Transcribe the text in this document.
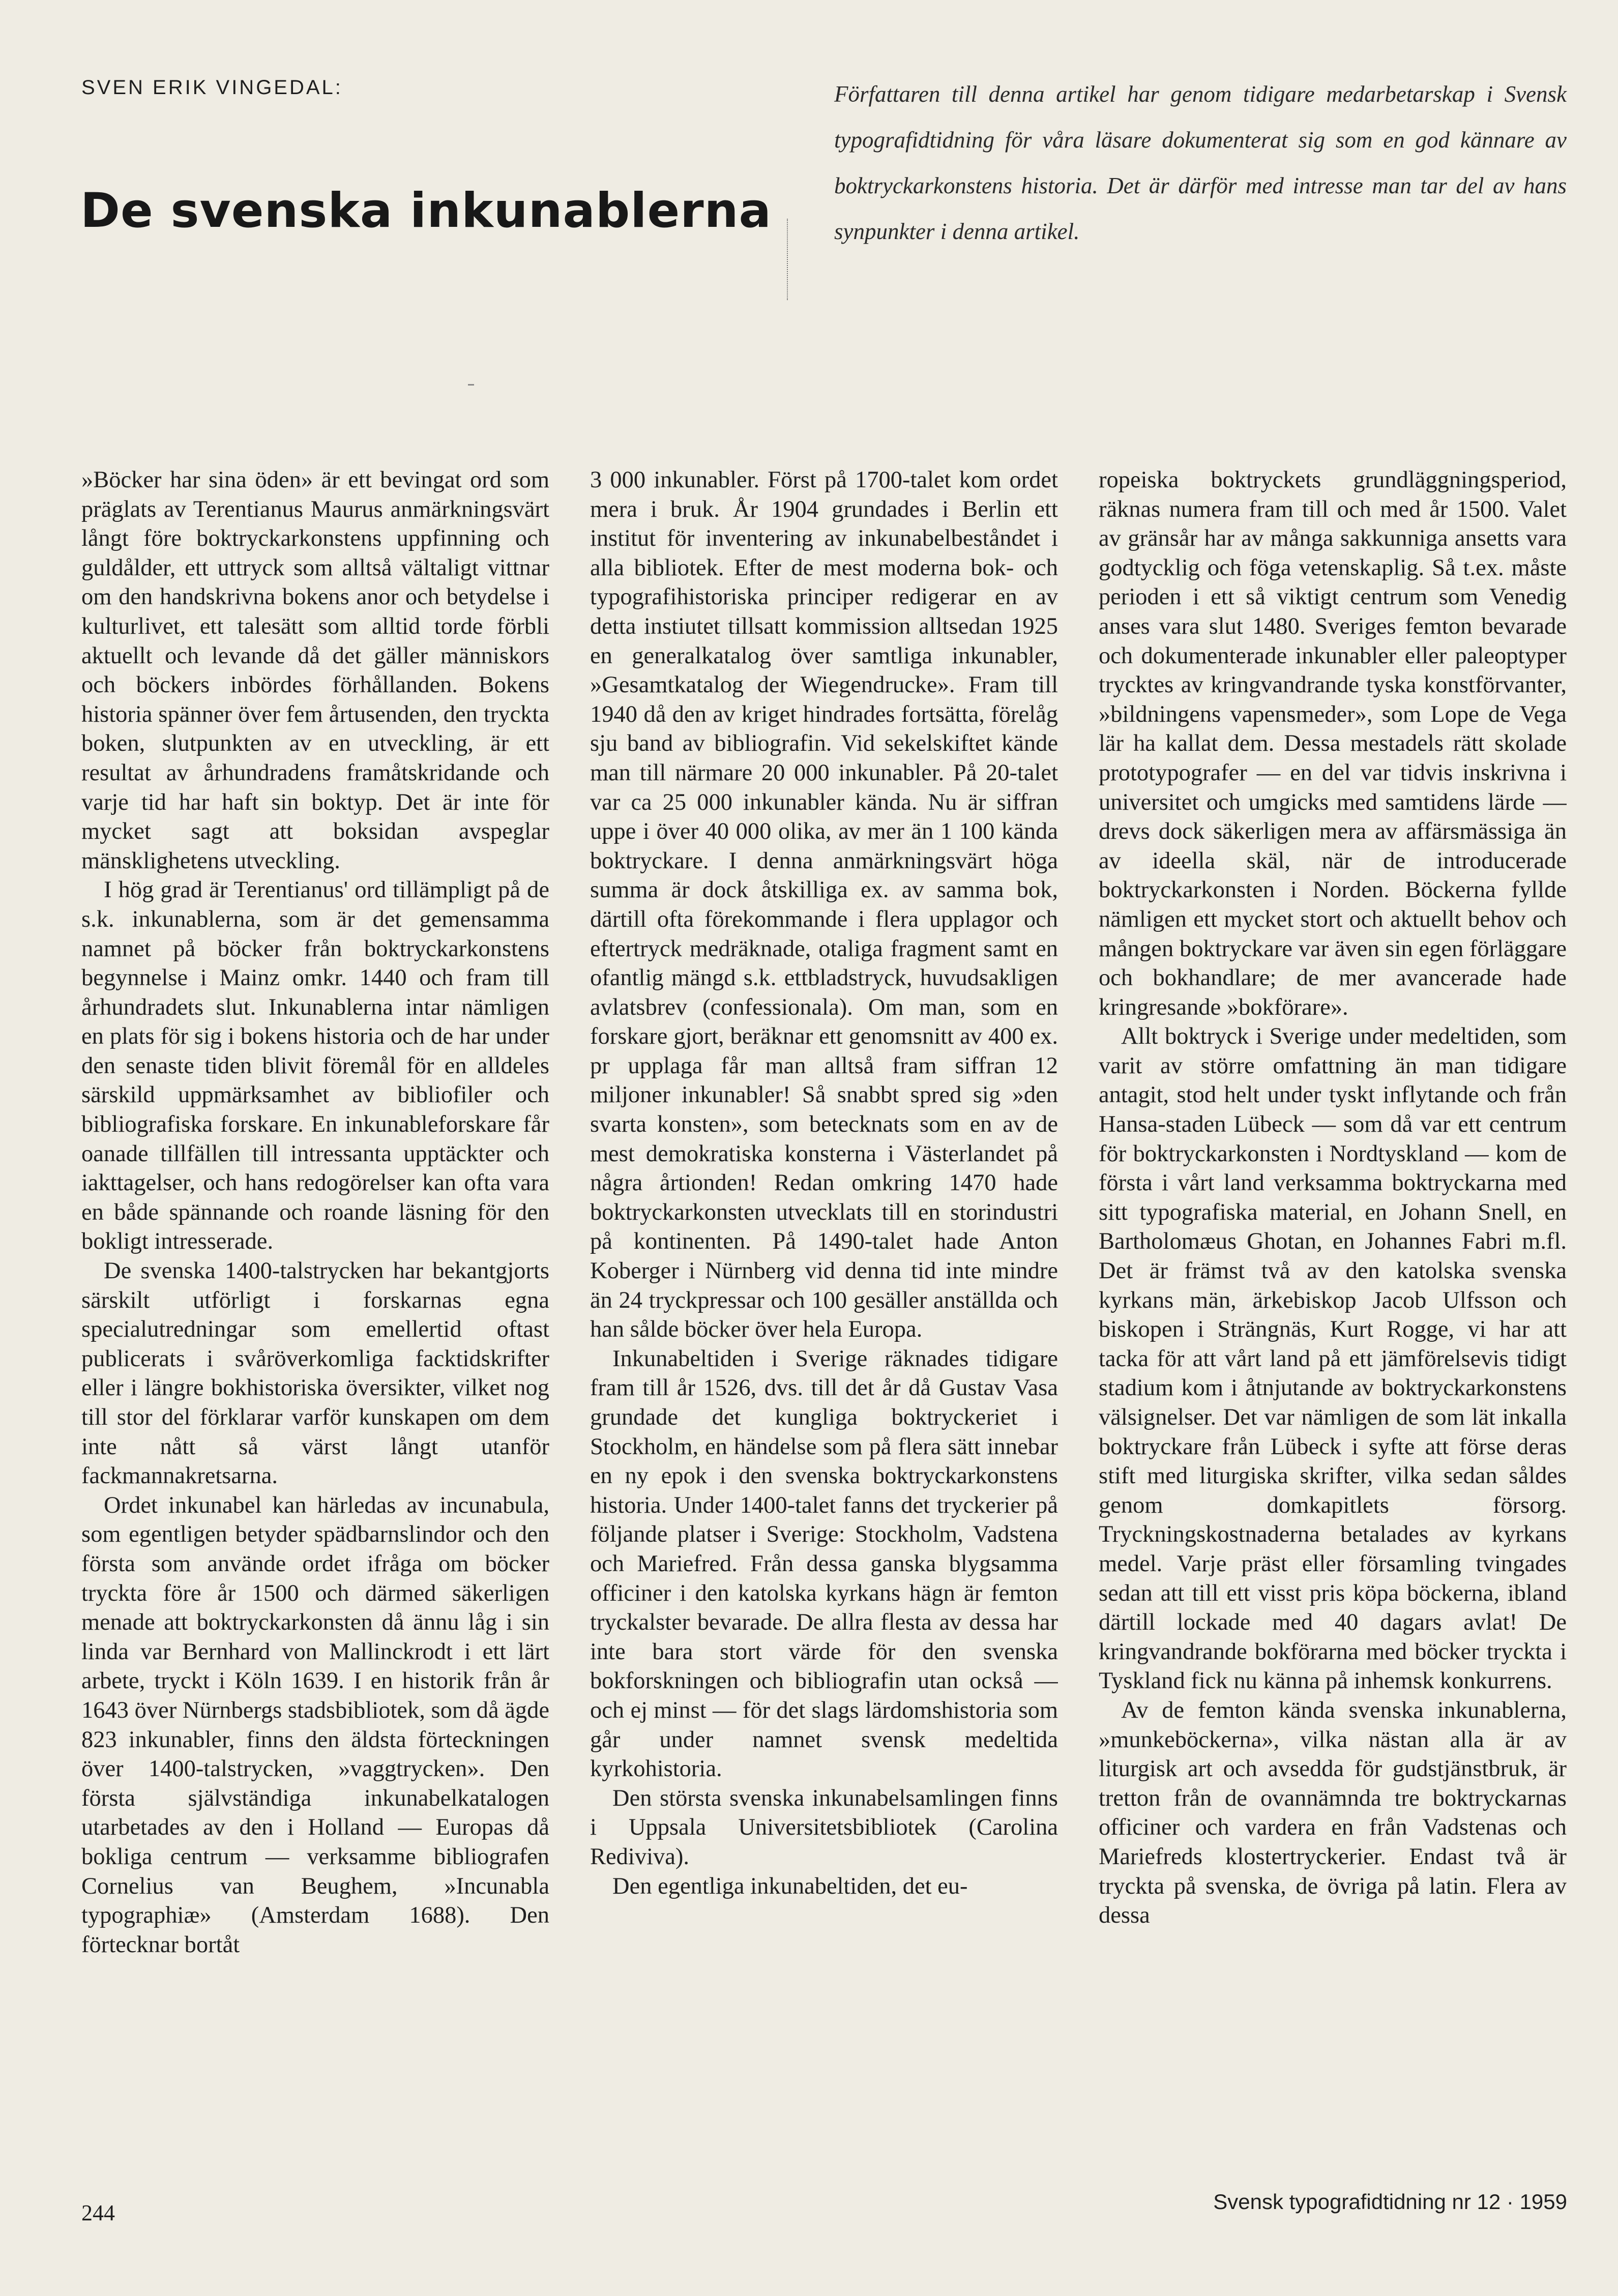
SVEN ERIK VINGEDAL:
De svenska inkunablerna
Författaren till denna artikel har genom tidigare medarbetarskap i Svensk typografidtidning för våra läsare dokumenterat sig som en god kännare av boktryckarkonstens historia. Det är därför med intresse man tar del av hans synpunkter i denna artikel.

»Böcker har sina öden» är ett bevingat ord som präglats av Terentianus Maurus anmärkningsvärt långt före boktryckarkonstens uppfinning och guldålder, ett uttryck som alltså vältaligt vittnar om den handskrivna bokens anor och betydelse i kulturlivet, ett talesätt som alltid torde förbli aktuellt och levande då det gäller människors och böckers inbördes förhållanden. Bokens historia spänner över fem årtusenden, den tryckta boken, slutpunkten av en utveckling, är ett resultat av århundradens framåtskridande och varje tid har haft sin boktyp. Det är inte för mycket sagt att boksidan avspeglar mänsklighetens utveckling.

I hög grad är Terentianus' ord tillämpligt på de s.k. inkunablerna, som är det gemensamma namnet på böcker från boktryckarkonstens begynnelse i Mainz omkr. 1440 och fram till århundradets slut. Inkunablerna intar nämligen en plats för sig i bokens historia och de har under den senaste tiden blivit föremål för en alldeles särskild uppmärksamhet av bibliofiler och bibliografiska forskare. En inkunableforskare får oanade tillfällen till intressanta upptäckter och iakttagelser, och hans redogörelser kan ofta vara en både spännande och roande läsning för den bokligt intresserade.

De svenska 1400-talstrycken har bekantgjorts särskilt utförligt i forskarnas egna specialutredningar som emellertid oftast publicerats i svåröverkomliga facktidskrifter eller i längre bokhistoriska översikter, vilket nog till stor del förklarar varför kunskapen om dem inte nått så värst långt utanför fackmannakretsarna.

Ordet inkunabel kan härledas av incunabula, som egentligen betyder spädbarnslindor och den första som använde ordet ifråga om böcker tryckta före år 1500 och därmed säkerligen menade att boktryckarkonsten då ännu låg i sin linda var Bernhard von Mallinckrodt i ett lärt arbete, tryckt i Köln 1639. I en historik från år 1643 över Nürnbergs stadsbibliotek, som då ägde 823 inkunabler, finns den äldsta förteckningen över 1400-talstrycken, »vaggtrycken». Den första självständiga inkunabelkatalogen utarbetades av den i Holland — Europas då bokliga centrum — verksamme bibliografen Cornelius van Beughem, »Incunabla typographiæ» (Amsterdam 1688). Den förtecknar bortåt

3 000 inkunabler. Först på 1700-talet kom ordet mera i bruk. År 1904 grundades i Berlin ett institut för inventering av inkunabelbeståndet i alla bibliotek. Efter de mest moderna bok- och typografihistoriska principer redigerar en av detta instiutet tillsatt kommission alltsedan 1925 en generalkatalog över samtliga inkunabler, »Gesamtkatalog der Wiegendrucke». Fram till 1940 då den av kriget hindrades fortsätta, förelåg sju band av bibliografin. Vid sekelskiftet kände man till närmare 20 000 inkunabler. På 20-talet var ca 25 000 inkunabler kända. Nu är siffran uppe i över 40 000 olika, av mer än 1 100 kända boktryckare. I denna anmärkningsvärt höga summa är dock åtskilliga ex. av samma bok, därtill ofta förekommande i flera upplagor och eftertryck medräknade, otaliga fragment samt en ofantlig mängd s.k. ettbladstryck, huvudsakligen avlatsbrev (confessionala). Om man, som en forskare gjort, beräknar ett genomsnitt av 400 ex. pr upplaga får man alltså fram siffran 12 miljoner inkunabler! Så snabbt spred sig »den svarta konsten», som betecknats som en av de mest demokratiska konsterna i Västerlandet på några årtionden! Redan omkring 1470 hade boktryckarkonsten utvecklats till en storindustri på kontinenten. På 1490-talet hade Anton Koberger i Nürnberg vid denna tid inte mindre än 24 tryckpressar och 100 gesäller anställda och han sålde böcker över hela Europa.

Inkunabeltiden i Sverige räknades tidigare fram till år 1526, dvs. till det år då Gustav Vasa grundade det kungliga boktryckeriet i Stockholm, en händelse som på flera sätt innebar en ny epok i den svenska boktryckarkonstens historia. Under 1400-talet fanns det tryckerier på följande platser i Sverige: Stockholm, Vadstena och Mariefred. Från dessa ganska blygsamma officiner i den katolska kyrkans hägn är femton tryckalster bevarade. De allra flesta av dessa har inte bara stort värde för den svenska bokforskningen och bibliografin utan också — och ej minst — för det slags lärdomshistoria som går under namnet svensk medeltida kyrkohistoria.

Den största svenska inkunabelsamlingen finns i Uppsala Universitetsbibliotek (Carolina Rediviva).

Den egentliga inkunabeltiden, det eu-

ropeiska boktryckets grundläggningsperiod, räknas numera fram till och med år 1500. Valet av gränsår har av många sakkunniga ansetts vara godtycklig och föga vetenskaplig. Så t.ex. måste perioden i ett så viktigt centrum som Venedig anses vara slut 1480. Sveriges femton bevarade och dokumenterade inkunabler eller paleoptyper trycktes av kringvandrande tyska konstförvanter, »bildningens vapensmeder», som Lope de Vega lär ha kallat dem. Dessa mestadels rätt skolade prototypografer — en del var tidvis inskrivna i universitet och umgicks med samtidens lärde — drevs dock säkerligen mera av affärsmässiga än av ideella skäl, när de introducerade boktryckarkonsten i Norden. Böckerna fyllde nämligen ett mycket stort och aktuellt behov och mången boktryckare var även sin egen förläggare och bokhandlare; de mer avancerade hade kringresande »bokförare».

Allt boktryck i Sverige under medeltiden, som varit av större omfattning än man tidigare antagit, stod helt under tyskt inflytande och från Hansa-staden Lübeck — som då var ett centrum för boktryckarkonsten i Nordtyskland — kom de första i vårt land verksamma boktryckarna med sitt typografiska material, en Johann Snell, en Bartholomæus Ghotan, en Johannes Fabri m.fl. Det är främst två av den katolska svenska kyrkans män, ärkebiskop Jacob Ulfsson och biskopen i Strängnäs, Kurt Rogge, vi har att tacka för att vårt land på ett jämförelsevis tidigt stadium kom i åtnjutande av boktryckarkonstens välsignelser. Det var nämligen de som lät inkalla boktryckare från Lübeck i syfte att förse deras stift med liturgiska skrifter, vilka sedan såldes genom domkapitlets försorg. Tryckningskostnaderna betalades av kyrkans medel. Varje präst eller församling tvingades sedan att till ett visst pris köpa böckerna, ibland därtill lockade med 40 dagars avlat! De kringvandrande bokförarna med böcker tryckta i Tyskland fick nu känna på inhemsk konkurrens.

Av de femton kända svenska inkunablerna, »munkeböckerna», vilka nästan alla är av liturgisk art och avsedda för gudstjänstbruk, är tretton från de ovannämnda tre boktryckarnas officiner och vardera en från Vadstenas och Mariefreds klostertryckerier. Endast två är tryckta på svenska, de övriga på latin. Flera av dessa

244	Svensk typografidtidning nr 12 · 1959
